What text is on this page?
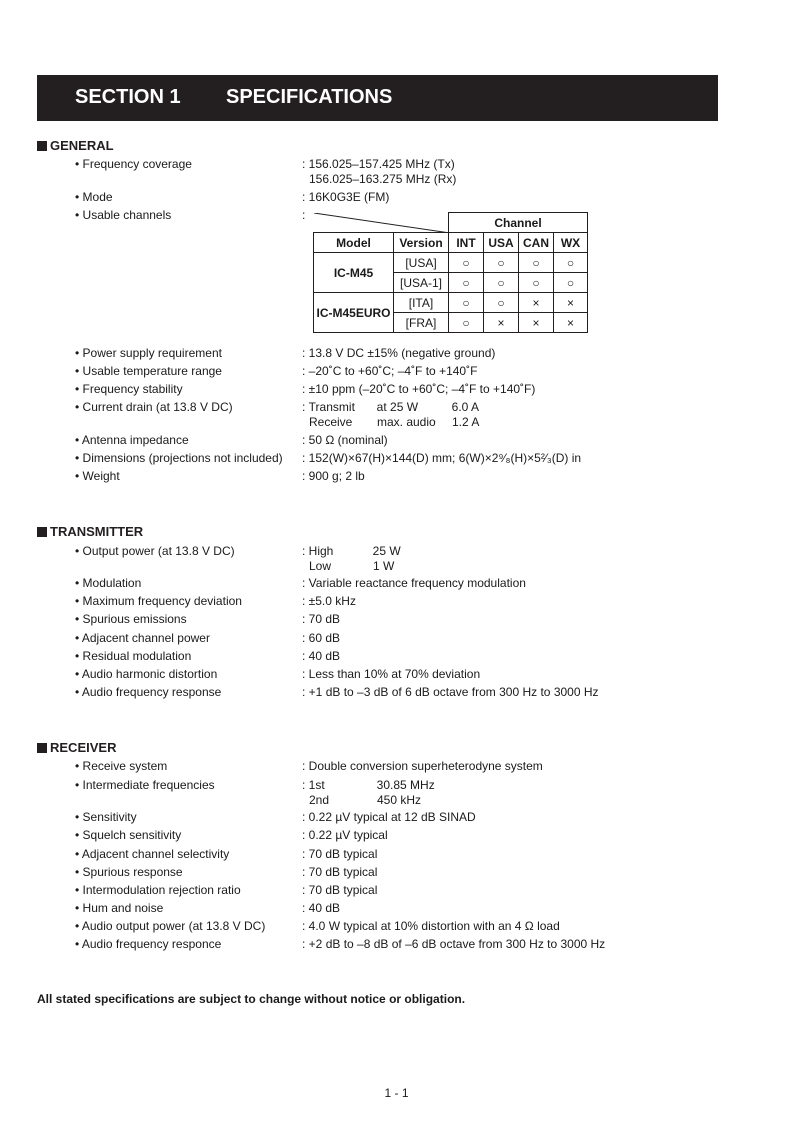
SECTION 1 SPECIFICATIONS
GENERAL
• Frequency coverage	: 156.025–157.425 MHz (Tx)
156.025–163.275 MHz (Rx)
• Mode	: 16K0G3E (FM)
• Usable channels	:
	Channel			
Model	Version	INT	USA	CAN	WX
IC-M45	[USA]	○	○	○	○
	[USA-1]	○	○	○	○
IC-M45EURO	[ITA]	○	○	×	×
	[FRA]	○	×	×	×
• Power supply requirement	: 13.8 V DC ±15% (negative ground)
• Usable temperature range	: –20˚C to +60˚C; –4˚F to +140˚F
• Frequency stability	: ±10 ppm (–20˚C to +60˚C; –4˚F to +140˚F)
• Current drain (at 13.8 V DC)	: Transmit at 25 W	6.0 A
Receive max. audio 1.2 A
• Antenna impedance	: 50 Ω (nominal)
• Dimensions (projections not included) : 152(W)×67(H)×144(D) mm; 6(W)×2⁹⁄₈(H)×5²⁄₃(D) in
• Weight	: 900 g; 2 lb
TRANSMITTER
• Output power (at 13.8 V DC)	: High	25 W
Low	1 W
• Modulation	: Variable reactance frequency modulation
• Maximum frequency deviation	: ±5.0 kHz
• Spurious emissions	: 70 dB
• Adjacent channel power	: 60 dB
• Residual modulation	: 40 dB
• Audio harmonic distortion	: Less than 10% at 70% deviation
• Audio frequency response	: +1 dB to –3 dB of 6 dB octave from 300 Hz to 3000 Hz
RECEIVER
• Receive system	: Double conversion superheterodyne system
• Intermediate frequencies	: 1st	30.85 MHz
2nd	450 kHz
• Sensitivity	: 0.22 µV typical at 12 dB SINAD
• Squelch sensitivity	: 0.22 µV typical
• Adjacent channel selectivity	: 70 dB typical
• Spurious response	: 70 dB typical
• Intermodulation rejection ratio	: 70 dB typical
• Hum and noise	: 40 dB
• Audio output power (at 13.8 V DC)	: 4.0 W typical at 10% distortion with an 4 Ω load
• Audio frequency responce	: +2 dB to –8 dB of –6 dB octave from 300 Hz to 3000 Hz
All stated specifications are subject to change without notice or obligation.
1 - 1
